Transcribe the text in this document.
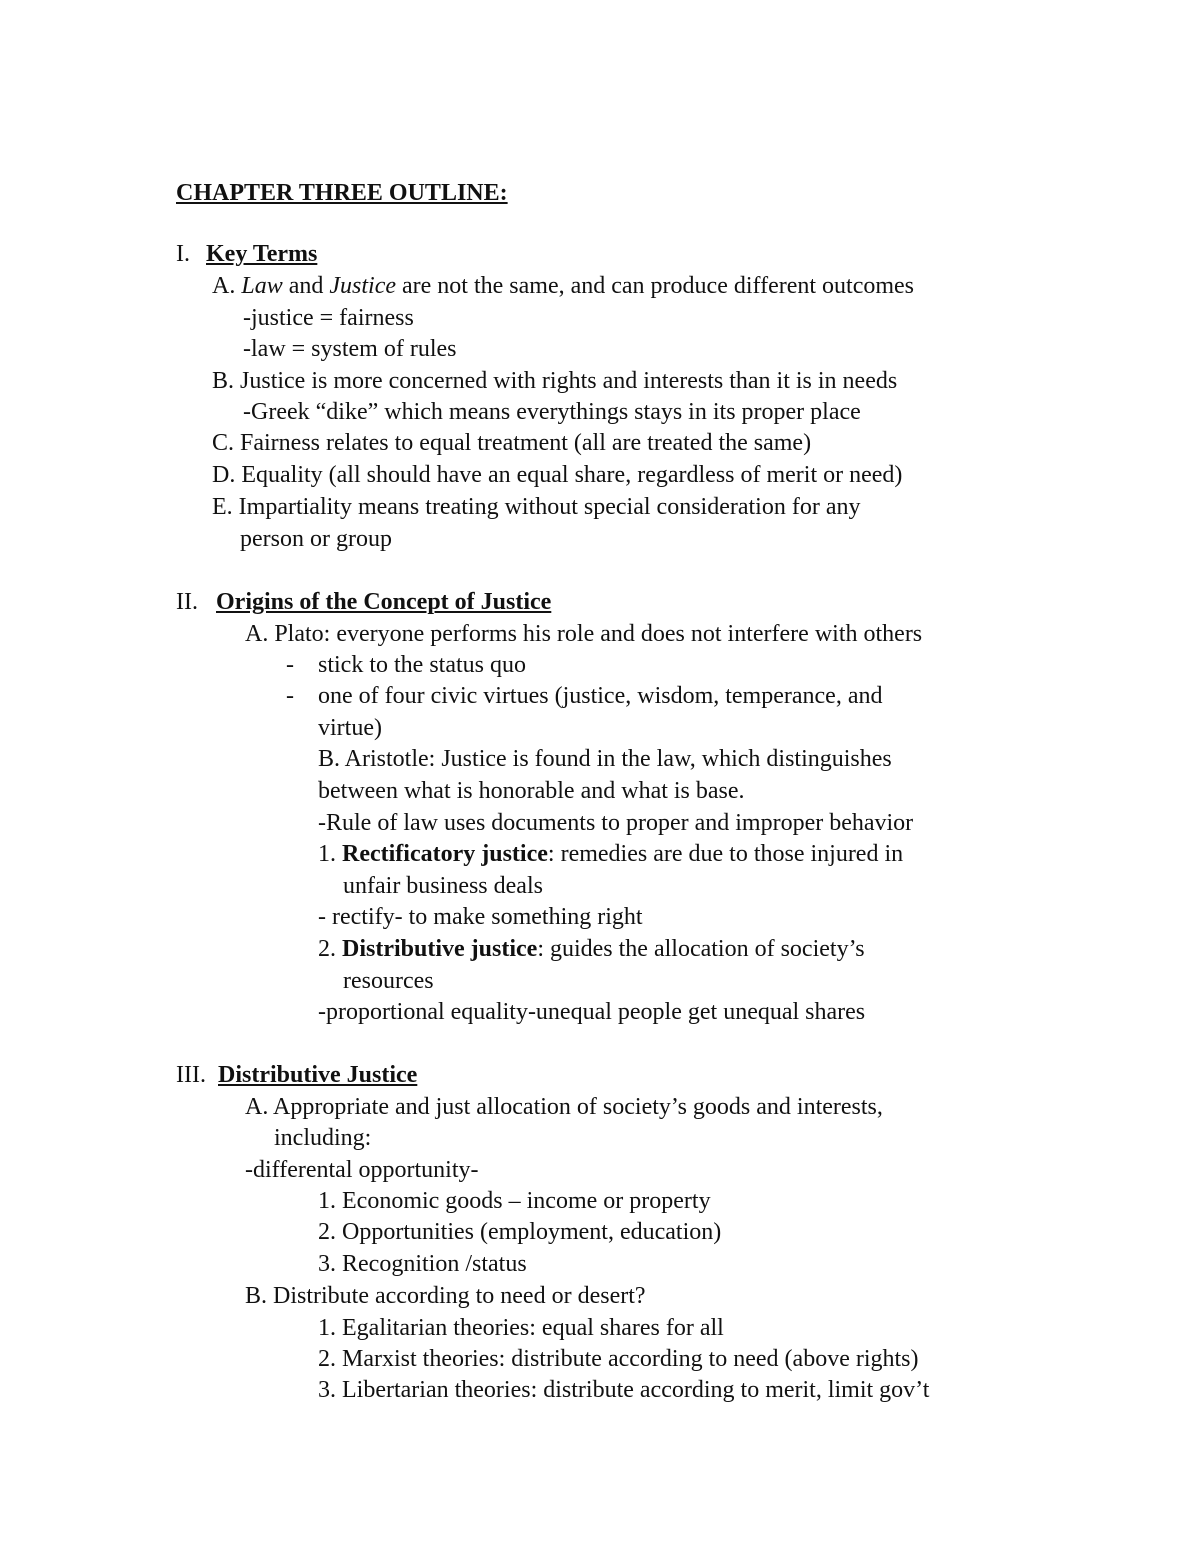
CHAPTER THREE OUTLINE:

I. Key Terms

A. Law and Justice are not the same, and can produce different outcomes

-justice = fairness

-law = system of rules

B. Justice is more concerned with rights and interests than it is in needs

-Greek “dike” which means everythings stays in its proper place

C. Fairness relates to equal treatment (all are treated the same)

D. Equality (all should have an equal share, regardless of merit or need)

E. Impartiality means treating without special consideration for any

person or group

II. Origins of the Concept of Justice

A. Plato: everyone performs his role and does not interfere with others

- stick to the status quo

- one of four civic virtues (justice, wisdom, temperance, and

virtue)

B. Aristotle: Justice is found in the law, which distinguishes

between what is honorable and what is base.

-Rule of law uses documents to proper and improper behavior

1. Rectificatory justice: remedies are due to those injured in

unfair business deals

- rectify- to make something right

2. Distributive justice: guides the allocation of society’s

resources

-proportional equality-unequal people get unequal shares

III. Distributive Justice

A. Appropriate and just allocation of society’s goods and interests,

including:

-differental opportunity-

1. Economic goods – income or property

2. Opportunities (employment, education)

3. Recognition /status

B. Distribute according to need or desert?

1. Egalitarian theories: equal shares for all

2. Marxist theories: distribute according to need (above rights)

3. Libertarian theories: distribute according to merit, limit gov’t
